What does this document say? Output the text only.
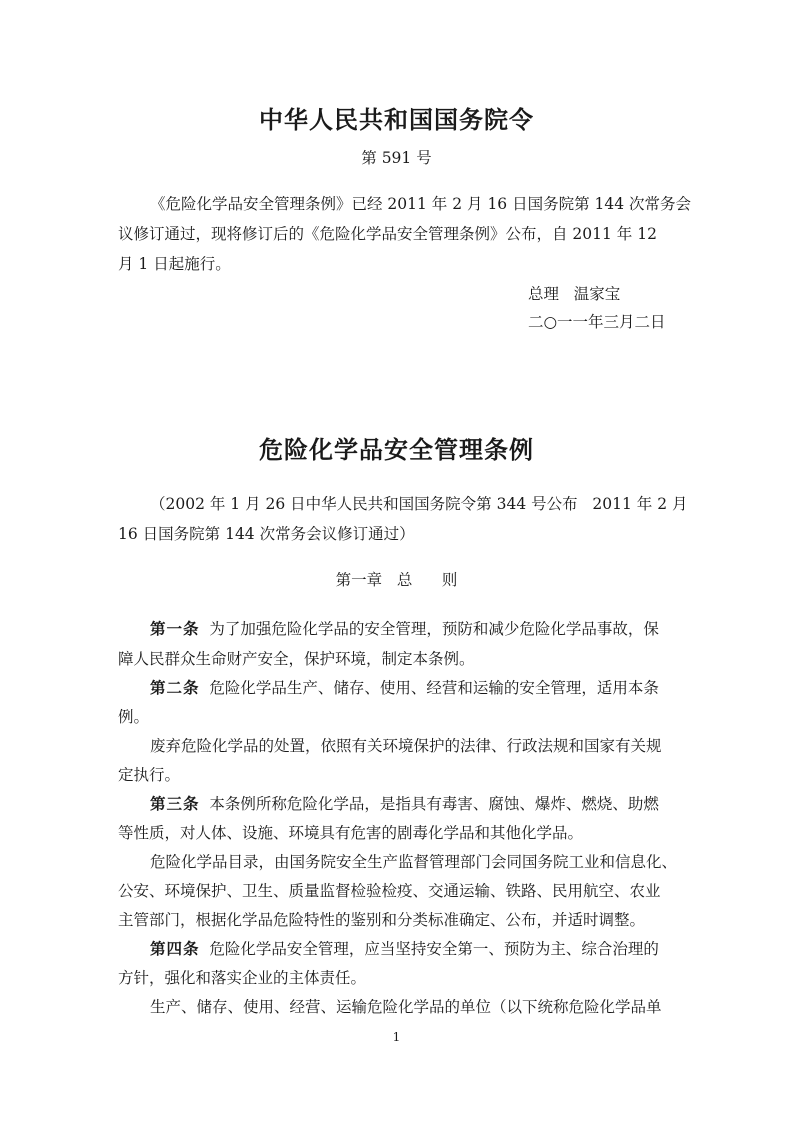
中华人民共和国国务院令
第 591 号
《危险化学品安全管理条例》已经 2011 年 2 月 16 日国务院第 144 次常务会
议修订通过，现将修订后的《危险化学品安全管理条例》公布，自 2011 年 12
月 1 日起施行。
总理   温家宝
二○一一年三月二日
危险化学品安全管理条例
（2002 年 1 月 26 日中华人民共和国国务院令第 344 号公布   2011 年 2 月
16 日国务院第 144 次常务会议修订通过）
第一章   总      则
第一条  为了加强危险化学品的安全管理，预防和减少危险化学品事故，保
障人民群众生命财产安全，保护环境，制定本条例。
第二条  危险化学品生产、储存、使用、经营和运输的安全管理，适用本条
例。
废弃危险化学品的处置，依照有关环境保护的法律、行政法规和国家有关规
定执行。
第三条  本条例所称危险化学品，是指具有毒害、腐蚀、爆炸、燃烧、助燃
等性质，对人体、设施、环境具有危害的剧毒化学品和其他化学品。
危险化学品目录，由国务院安全生产监督管理部门会同国务院工业和信息化、
公安、环境保护、卫生、质量监督检验检疫、交通运输、铁路、民用航空、农业
主管部门，根据化学品危险特性的鉴别和分类标准确定、公布，并适时调整。
第四条  危险化学品安全管理，应当坚持安全第一、预防为主、综合治理的
方针，强化和落实企业的主体责任。
生产、储存、使用、经营、运输危险化学品的单位（以下统称危险化学品单
1
